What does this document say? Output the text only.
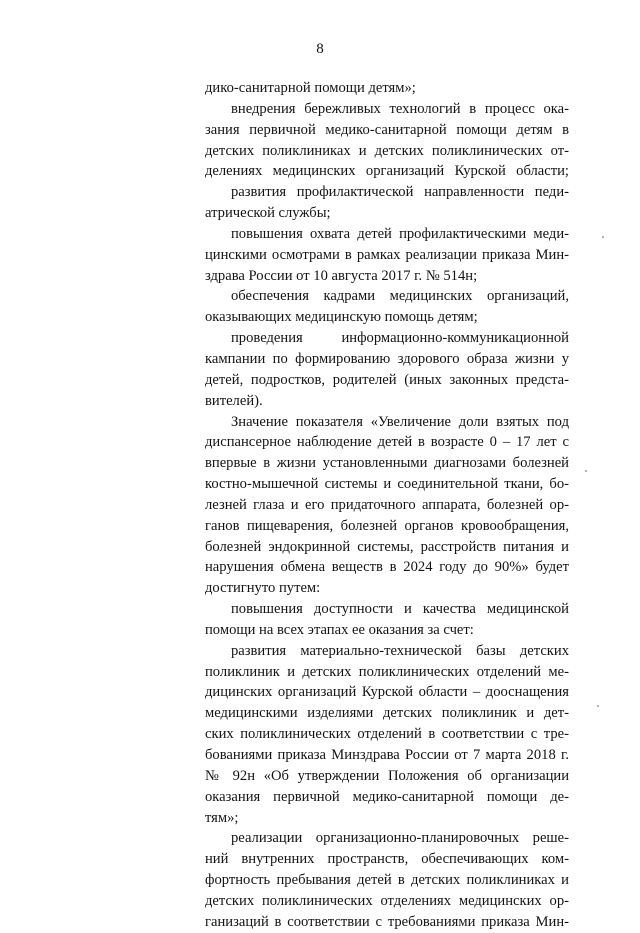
8
дико-санитарной помощи детям»;
внедрения бережливых технологий в процесс ока-
зания первичной медико-санитарной помощи детям в
детских поликлиниках и детских поликлинических от-
делениях медицинских организаций Курской области;
развития профилактической направленности педи-
атрической службы;
повышения охвата детей профилактическими меди-
цинскими осмотрами в рамках реализации приказа Мин-
здрава России от 10 августа 2017 г. № 514н;
обеспечения кадрами медицинских организаций,
оказывающих медицинскую помощь детям;
проведения информационно-коммуникационной
кампании по формированию здорового образа жизни у
детей, подростков, родителей (иных законных предста-
вителей).
Значение показателя «Увеличение доли взятых под
диспансерное наблюдение детей в возрасте 0 – 17 лет с
впервые в жизни установленными диагнозами болезней
костно-мышечной системы и соединительной ткани, бо-
лезней глаза и его придаточного аппарата, болезней ор-
ганов пищеварения, болезней органов кровообращения,
болезней эндокринной системы, расстройств питания и
нарушения обмена веществ в 2024 году до 90%» будет
достигнуто путем:
повышения доступности и качества медицинской
помощи на всех этапах ее оказания за счет:
развития материально-технической базы детских
поликлиник и детских поликлинических отделений ме-
дицинских организаций Курской области – дооснащения
медицинскими изделиями детских поликлиник и дет-
ских поликлинических отделений в соответствии с тре-
бованиями приказа Минздрава России от 7 марта 2018 г.
№ 92н «Об утверждении Положения об организации
оказания первичной медико-санитарной помощи де-
тям»;
реализации организационно-планировочных реше-
ний внутренних пространств, обеспечивающих ком-
фортность пребывания детей в детских поликлиниках и
детских поликлинических отделениях медицинских ор-
ганизаций в соответствии с требованиями приказа Мин-
